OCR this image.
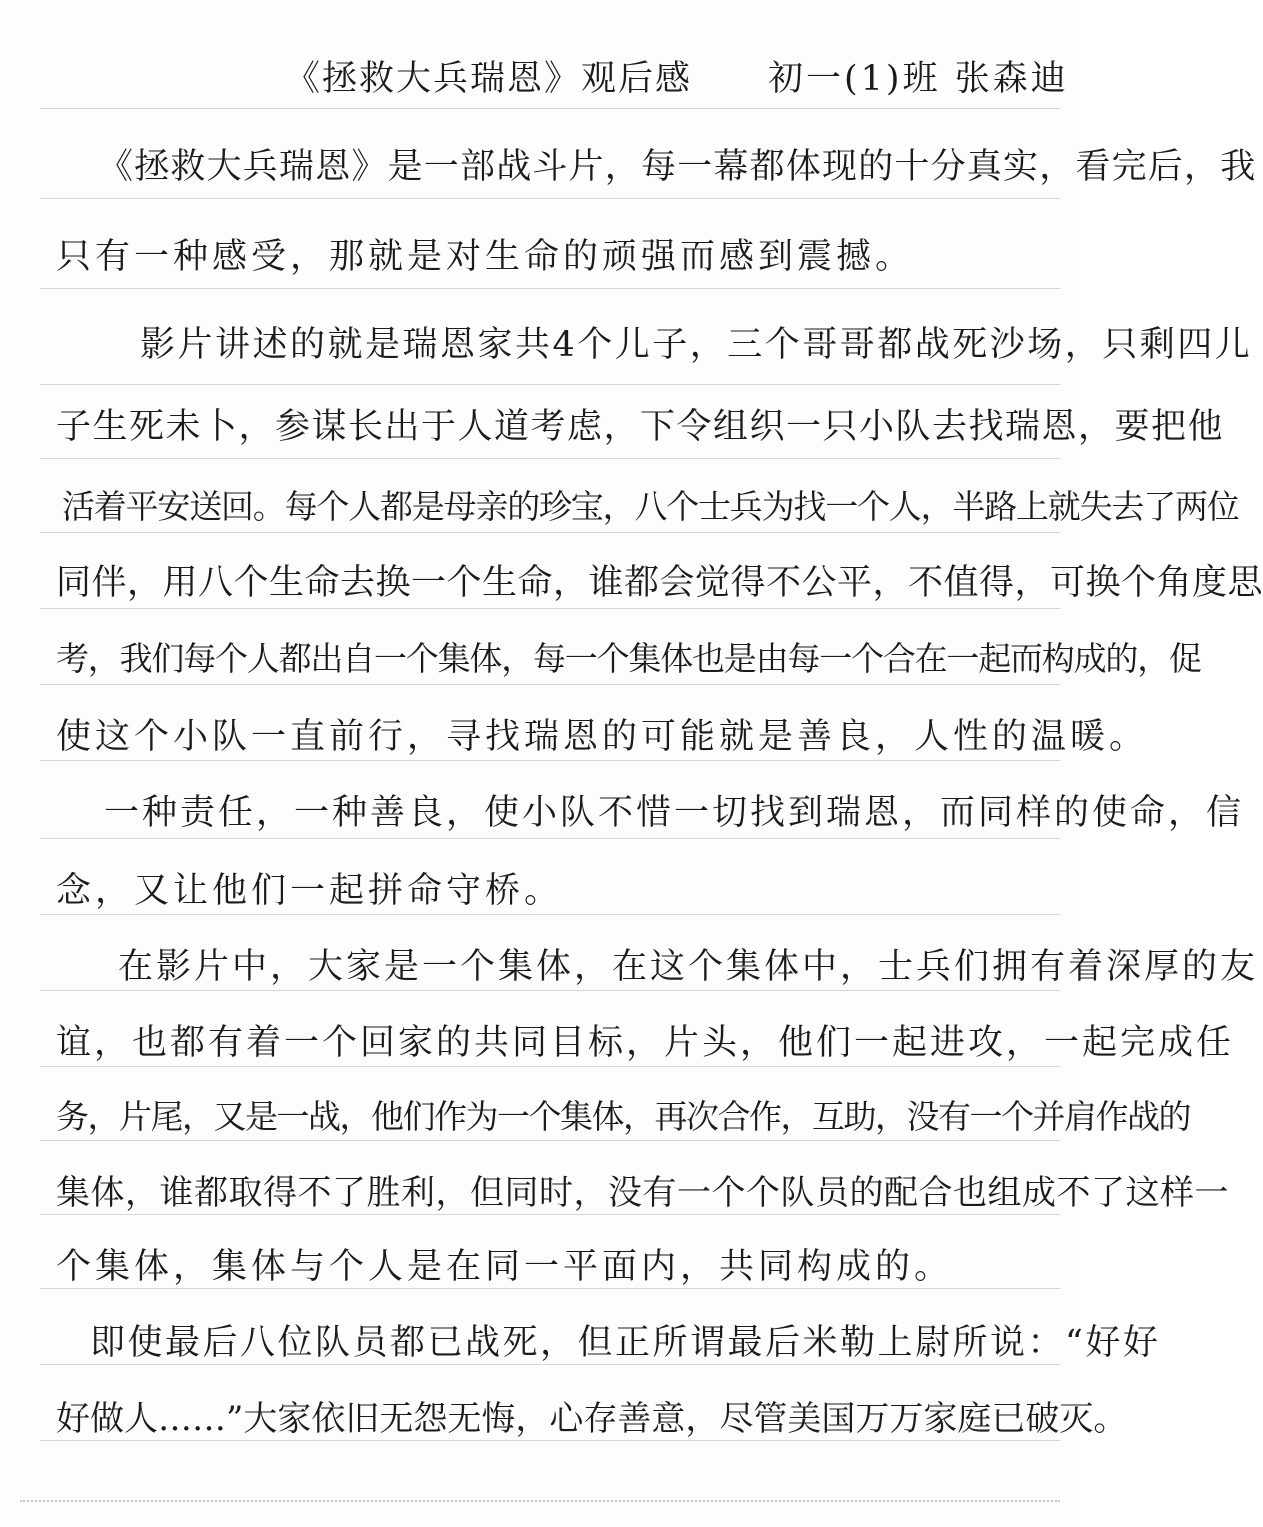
《拯救大兵瑞恩》观后感 初一(1)班 张森迪
《拯救大兵瑞恩》是一部战斗片，每一幕都体现的十分真实，看完后，我
只有一种感受，那就是对生命的顽强而感到震撼。
影片讲述的就是瑞恩家共4个儿子，三个哥哥都战死沙场，只剩四儿
子生死未卜，参谋长出于人道考虑，下令组织一只小队去找瑞恩，要把他
活着平安送回。每个人都是母亲的珍宝，八个士兵为找一个人，半路上就失去了两位
同伴，用八个生命去换一个生命，谁都会觉得不公平，不值得，可换个角度思
考，我们每个人都出自一个集体，每一个集体也是由每一个合在一起而构成的，促
使这个小队一直前行，寻找瑞恩的可能就是善良，人性的温暖。
一种责任，一种善良，使小队不惜一切找到瑞恩，而同样的使命，信
念，又让他们一起拼命守桥。
在影片中，大家是一个集体，在这个集体中，士兵们拥有着深厚的友
谊，也都有着一个回家的共同目标，片头，他们一起进攻，一起完成任
务，片尾，又是一战，他们作为一个集体，再次合作，互助，没有一个并肩作战的
集体，谁都取得不了胜利，但同时，没有一个个队员的配合也组成不了这样一
个集体，集体与个人是在同一平面内，共同构成的。
即使最后八位队员都已战死，但正所谓最后米勒上尉所说：“好好
好做人……”大家依旧无怨无悔，心存善意，尽管美国万万家庭已破灭。
